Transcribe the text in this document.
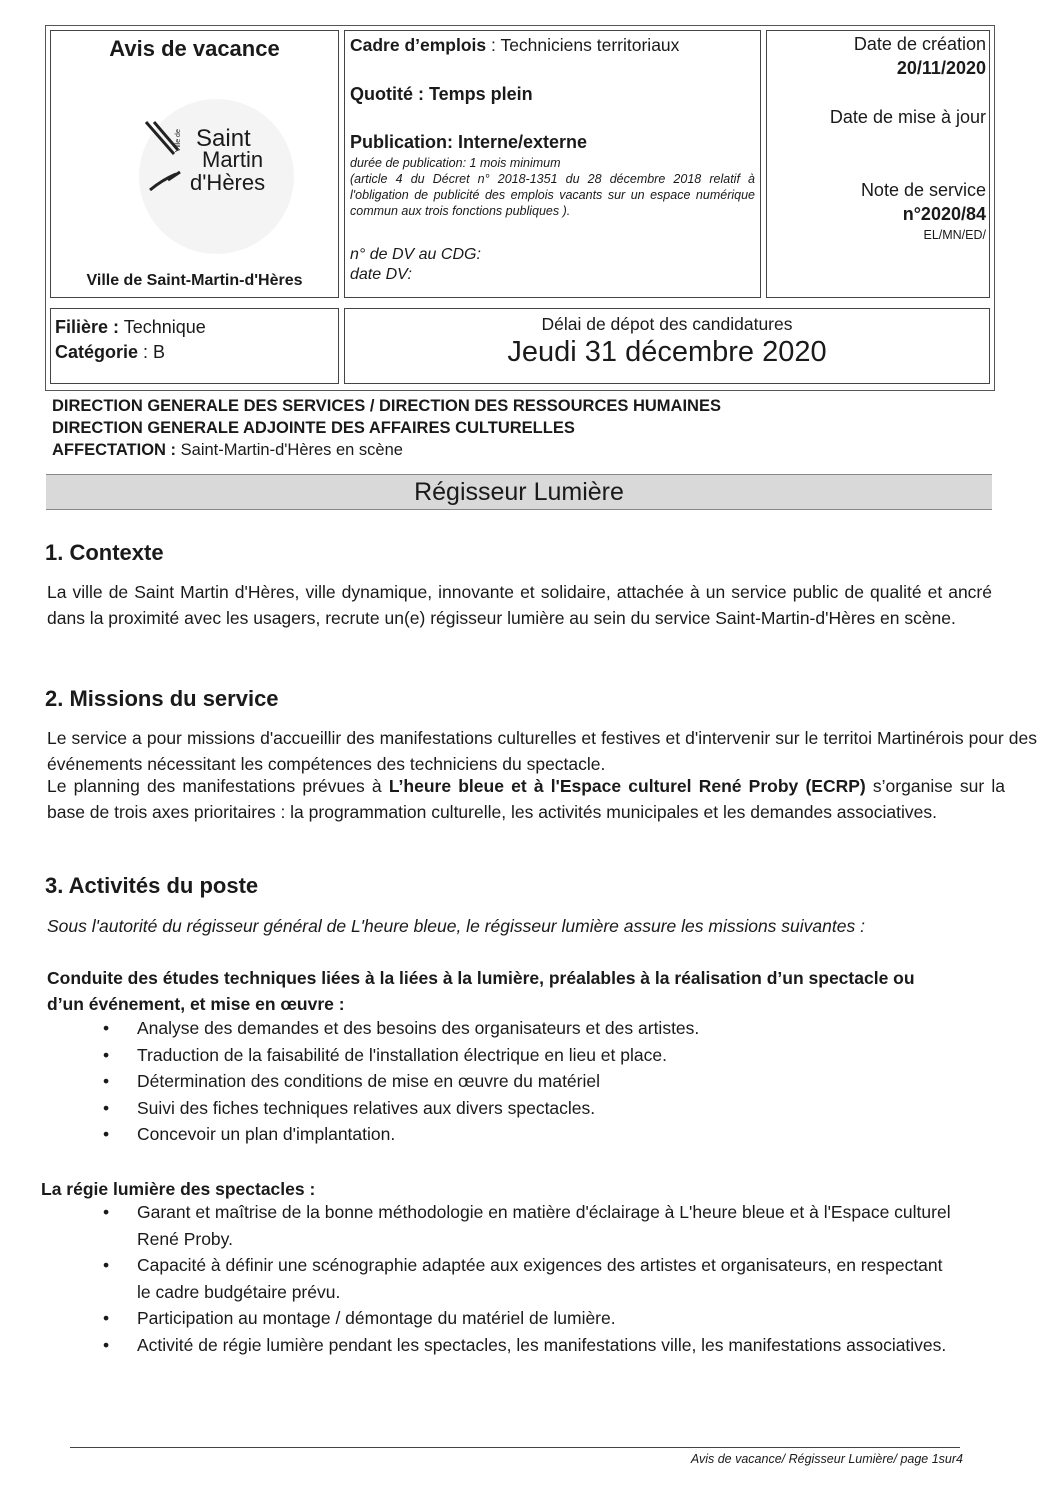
Avis de vacance
Ville de Saint
Martin
d'Hères
Ville de Saint-Martin-d'Hères
Cadre d’emplois : Techniciens territoriaux
Quotité : Temps plein
Publication: Interne/externe
durée de publication: 1 mois minimum
(article 4 du Décret n° 2018-1351 du 28 décembre 2018 relatif à l'obligation de publicité des emplois vacants sur un espace numérique commun aux trois fonctions publiques ).
n° de DV au CDG:
date DV:
Date de création
20/11/2020
Date de mise à jour
Note de service
n°2020/84
EL/MN/ED/
Filière : Technique
Catégorie : B
Délai de dépot des candidatures
Jeudi 31 décembre 2020
DIRECTION GENERALE DES SERVICES / DIRECTION DES RESSOURCES HUMAINES
DIRECTION GENERALE ADJOINTE DES AFFAIRES CULTURELLES
AFFECTATION : Saint-Martin-d'Hères en scène
Régisseur Lumière
1. Contexte
La ville de Saint Martin d'Hères, ville dynamique, innovante et solidaire, attachée à un service public de qualité et ancré dans la proximité avec les usagers, recrute un(e) régisseur lumière au sein du service Saint-Martin-d'Hères en scène.
2. Missions du service
Le service a pour missions d'accueillir des manifestations culturelles et festives et d'intervenir sur le territoi Martinérois pour des événements nécessitant les compétences des techniciens du spectacle.
Le planning des manifestations prévues à L’heure bleue et à l'Espace culturel René Proby (ECRP) s’organise sur la base de trois axes prioritaires : la programmation culturelle, les activités municipales et les demandes associatives.
3. Activités du poste
Sous l'autorité du régisseur général de L'heure bleue, le régisseur lumière assure les missions suivantes :
Conduite des études techniques liées à la liées à la lumière, préalables à la réalisation d’un spectacle ou d’un événement, et mise en œuvre :
• Analyse des demandes et des besoins des organisateurs et des artistes.
• Traduction de la faisabilité de l'installation électrique en lieu et place.
• Détermination des conditions de mise en œuvre du matériel
• Suivi des fiches techniques relatives aux divers spectacles.
• Concevoir un plan d'implantation.
La régie lumière des spectacles :
• Garant et maîtrise de la bonne méthodologie en matière d'éclairage à L'heure bleue et à l'Espace culturel René Proby.
• Capacité à définir une scénographie adaptée aux exigences des artistes et organisateurs, en respectant le cadre budgétaire prévu.
• Participation au montage / démontage du matériel de lumière.
• Activité de régie lumière pendant les spectacles, les manifestations ville, les manifestations associatives.
Avis de vacance/ Régisseur Lumière/ page 1sur4
